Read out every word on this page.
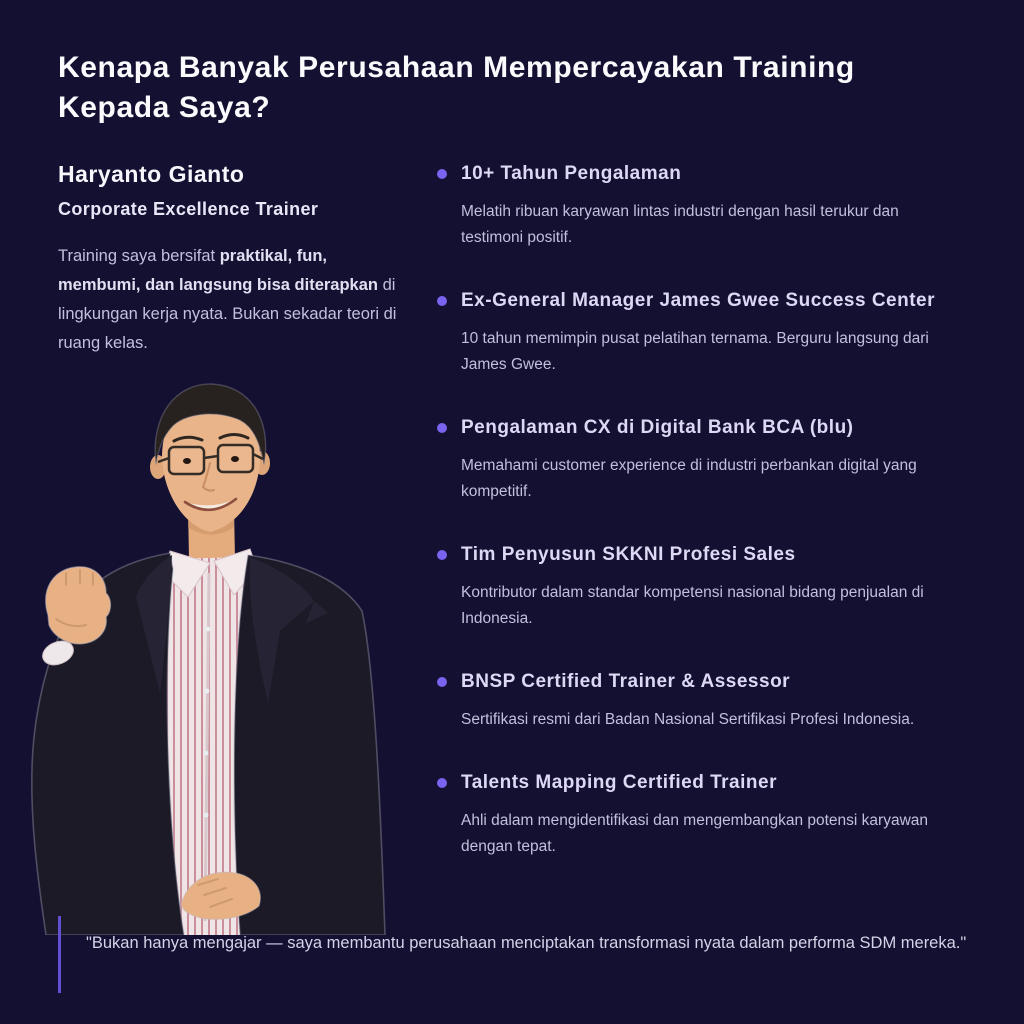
Kenapa Banyak Perusahaan Mempercayakan Training Kepada Saya?
Haryanto Gianto
Corporate Excellence Trainer

Training saya bersifat praktikal, fun, membumi, dan langsung bisa diterapkan di lingkungan kerja nyata. Bukan sekadar teori di ruang kelas.

10+ Tahun Pengalaman
Melatih ribuan karyawan lintas industri dengan hasil terukur dan testimoni positif.
Ex-General Manager James Gwee Success Center
10 tahun memimpin pusat pelatihan ternama. Berguru langsung dari James Gwee.
Pengalaman CX di Digital Bank BCA (blu)
Memahami customer experience di industri perbankan digital yang kompetitif.
Tim Penyusun SKKNI Profesi Sales
Kontributor dalam standar kompetensi nasional bidang penjualan di Indonesia.
BNSP Certified Trainer & Assessor
Sertifikasi resmi dari Badan Nasional Sertifikasi Profesi Indonesia.
Talents Mapping Certified Trainer
Ahli dalam mengidentifikasi dan mengembangkan potensi karyawan dengan tepat.
"Bukan hanya mengajar — saya membantu perusahaan menciptakan transformasi nyata dalam performa SDM mereka."
